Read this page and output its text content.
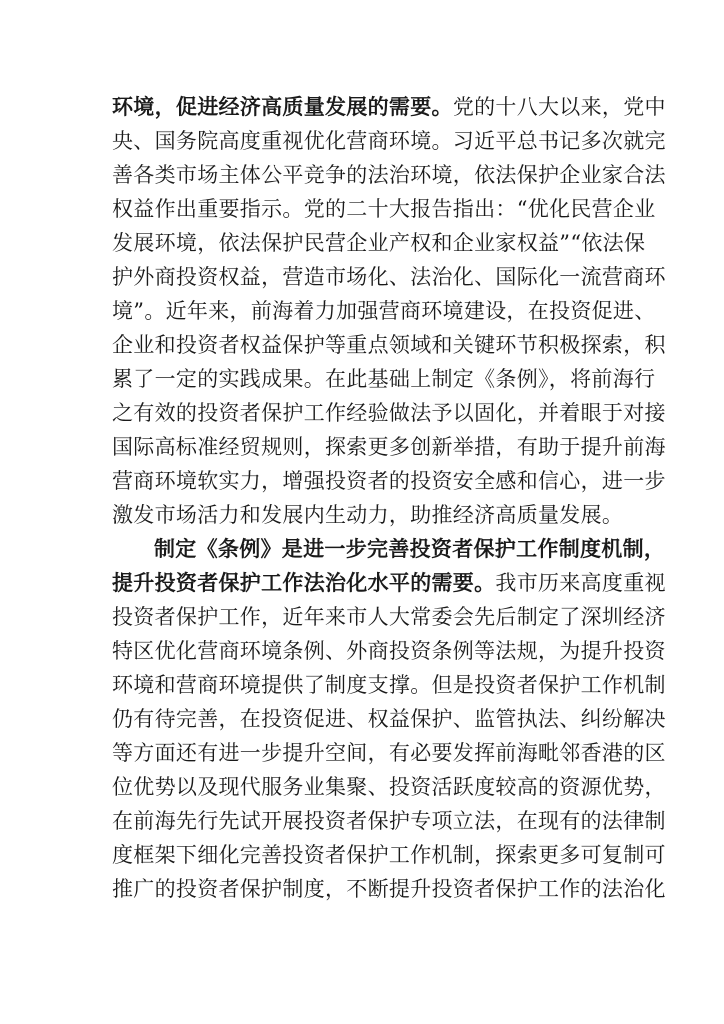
环境，促进经济高质量发展的需要。党的十八大以来，党中
央、国务院高度重视优化营商环境。习近平总书记多次就完
善各类市场主体公平竞争的法治环境，依法保护企业家合法
权益作出重要指示。党的二十大报告指出：“优化民营企业
发展环境，依法保护民营企业产权和企业家权益”“依法保
护外商投资权益，营造市场化、法治化、国际化一流营商环
境”。近年来，前海着力加强营商环境建设，在投资促进、
企业和投资者权益保护等重点领域和关键环节积极探索，积
累了一定的实践成果。在此基础上制定《条例》，将前海行
之有效的投资者保护工作经验做法予以固化，并着眼于对接
国际高标准经贸规则，探索更多创新举措，有助于提升前海
营商环境软实力，增强投资者的投资安全感和信心，进一步
激发市场活力和发展内生动力，助推经济高质量发展。
制定《条例》是进一步完善投资者保护工作制度机制，
提升投资者保护工作法治化水平的需要。我市历来高度重视
投资者保护工作，近年来市人大常委会先后制定了深圳经济
特区优化营商环境条例、外商投资条例等法规，为提升投资
环境和营商环境提供了制度支撑。但是投资者保护工作机制
仍有待完善，在投资促进、权益保护、监管执法、纠纷解决
等方面还有进一步提升空间，有必要发挥前海毗邻香港的区
位优势以及现代服务业集聚、投资活跃度较高的资源优势，
在前海先行先试开展投资者保护专项立法，在现有的法律制
度框架下细化完善投资者保护工作机制，探索更多可复制可
推广的投资者保护制度，不断提升投资者保护工作的法治化
